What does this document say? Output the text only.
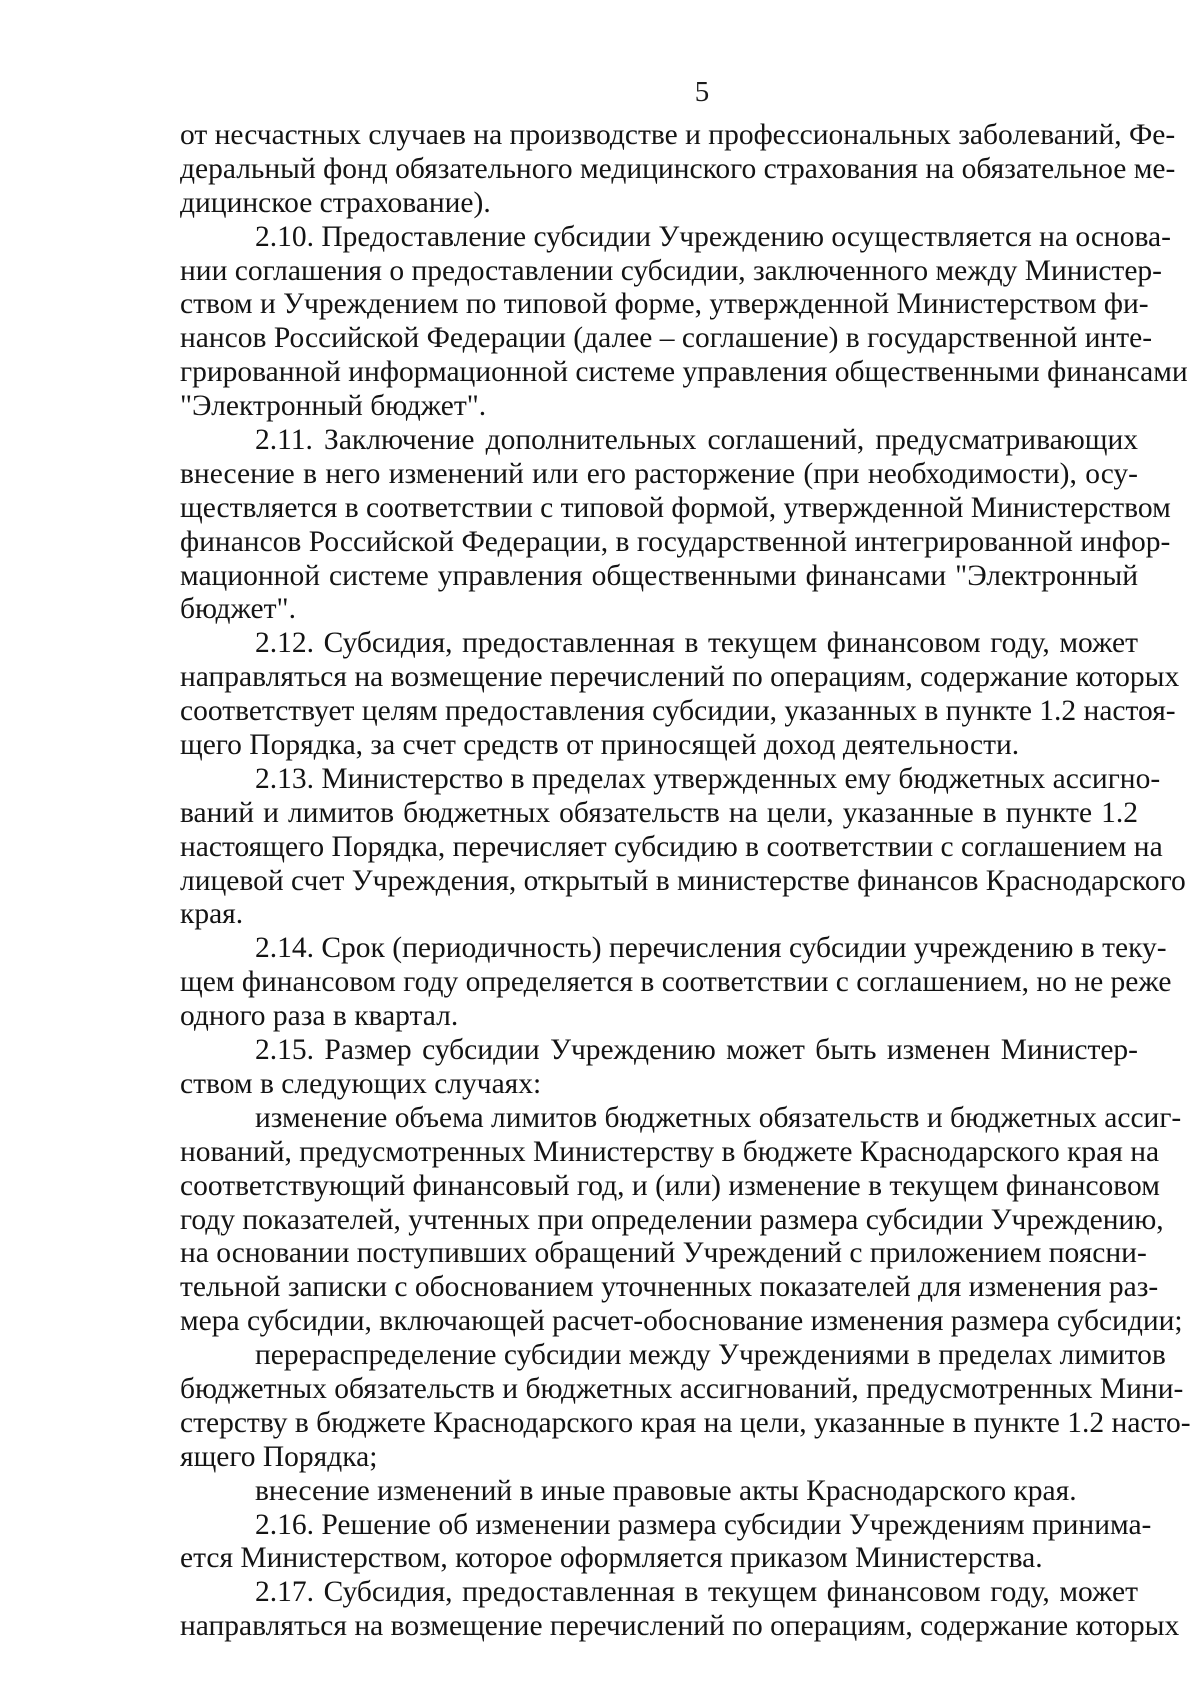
5
от несчастных случаев на производстве и профессиональных заболеваний, Фе-
деральный фонд обязательного медицинского страхования на обязательное ме-
дицинское страхование).
2.10. Предоставление субсидии Учреждению осуществляется на основа-
нии соглашения о предоставлении субсидии, заключенного между Министер-
ством и Учреждением по типовой форме, утвержденной Министерством фи-
нансов Российской Федерации (далее – соглашение) в государственной инте-
грированной информационной системе управления общественными финансами
"Электронный бюджет".
2.11. Заключение дополнительных соглашений, предусматривающих
внесение в него изменений или его расторжение (при необходимости), осу-
ществляется в соответствии с типовой формой, утвержденной Министерством
финансов Российской Федерации, в государственной интегрированной инфор-
мационной системе управления общественными финансами "Электронный
бюджет".
2.12. Субсидия, предоставленная в текущем финансовом году, может
направляться на возмещение перечислений по операциям, содержание которых
соответствует целям предоставления субсидии, указанных в пункте 1.2 настоя-
щего Порядка, за счет средств от приносящей доход деятельности.
2.13. Министерство в пределах утвержденных ему бюджетных ассигно-
ваний и лимитов бюджетных обязательств на цели, указанные в пункте 1.2
настоящего Порядка, перечисляет субсидию в соответствии с соглашением на
лицевой счет Учреждения, открытый в министерстве финансов Краснодарского
края.
2.14. Срок (периодичность) перечисления субсидии учреждению в теку-
щем финансовом году определяется в соответствии с соглашением, но не реже
одного раза в квартал.
2.15. Размер субсидии Учреждению может быть изменен Министер-
ством в следующих случаях:
изменение объема лимитов бюджетных обязательств и бюджетных ассиг-
нований, предусмотренных Министерству в бюджете Краснодарского края на
соответствующий финансовый год, и (или) изменение в текущем финансовом
году показателей, учтенных при определении размера субсидии Учреждению,
на основании поступивших обращений Учреждений с приложением поясни-
тельной записки с обоснованием уточненных показателей для изменения раз-
мера субсидии, включающей расчет-обоснование изменения размера субсидии;
перераспределение субсидии между Учреждениями в пределах лимитов
бюджетных обязательств и бюджетных ассигнований, предусмотренных Мини-
стерству в бюджете Краснодарского края на цели, указанные в пункте 1.2 насто-
ящего Порядка;
внесение изменений в иные правовые акты Краснодарского края.
2.16. Решение об изменении размера субсидии Учреждениям принима-
ется Министерством, которое оформляется приказом Министерства.
2.17. Субсидия, предоставленная в текущем финансовом году, может
направляться на возмещение перечислений по операциям, содержание которых
